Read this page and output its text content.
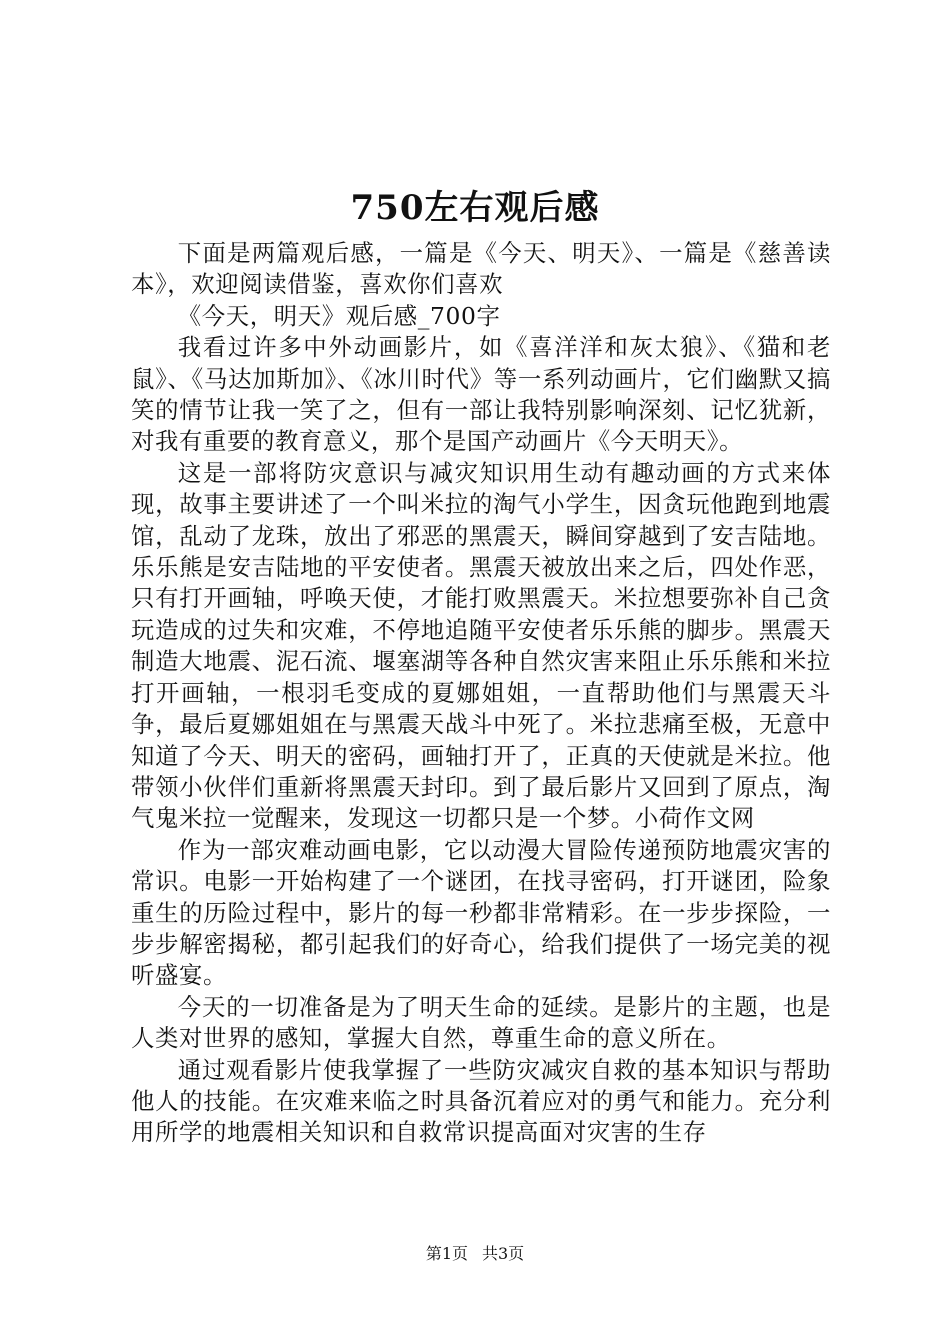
750左右观后感

下面是两篇观后感，一篇是《今天、明天》、一篇是《慈善读本》，欢迎阅读借鉴，喜欢你们喜欢

《今天，明天》观后感_700字

我看过许多中外动画影片，如《喜洋洋和灰太狼》、《猫和老鼠》、《马达加斯加》、《冰川时代》等一系列动画片，它们幽默又搞笑的情节让我一笑了之，但有一部让我特别影响深刻、记忆犹新，对我有重要的教育意义，那个是国产动画片《今天明天》。

这是一部将防灾意识与减灾知识用生动有趣动画的方式来体现，故事主要讲述了一个叫米拉的淘气小学生，因贪玩他跑到地震馆，乱动了龙珠，放出了邪恶的黑震天，瞬间穿越到了安吉陆地。乐乐熊是安吉陆地的平安使者。黑震天被放出来之后，四处作恶，只有打开画轴，呼唤天使，才能打败黑震天。米拉想要弥补自己贪玩造成的过失和灾难，不停地追随平安使者乐乐熊的脚步。黑震天制造大地震、泥石流、堰塞湖等各种自然灾害来阻止乐乐熊和米拉打开画轴，一根羽毛变成的夏娜姐姐，一直帮助他们与黑震天斗争，最后夏娜姐姐在与黑震天战斗中死了。米拉悲痛至极，无意中知道了今天、明天的密码，画轴打开了，正真的天使就是米拉。他带领小伙伴们重新将黑震天封印。到了最后影片又回到了原点，淘气鬼米拉一觉醒来，发现这一切都只是一个梦。小荷作文网

作为一部灾难动画电影，它以动漫大冒险传递预防地震灾害的常识。电影一开始构建了一个谜团，在找寻密码，打开谜团，险象重生的历险过程中，影片的每一秒都非常精彩。在一步步探险，一步步解密揭秘，都引起我们的好奇心，给我们提供了一场完美的视听盛宴。

今天的一切准备是为了明天生命的延续。是影片的主题，也是人类对世界的感知，掌握大自然，尊重生命的意义所在。

通过观看影片使我掌握了一些防灾减灾自救的基本知识与帮助他人的技能。在灾难来临之时具备沉着应对的勇气和能力。充分利用所学的地震相关知识和自救常识提高面对灾害的生存

第1页 共3页
